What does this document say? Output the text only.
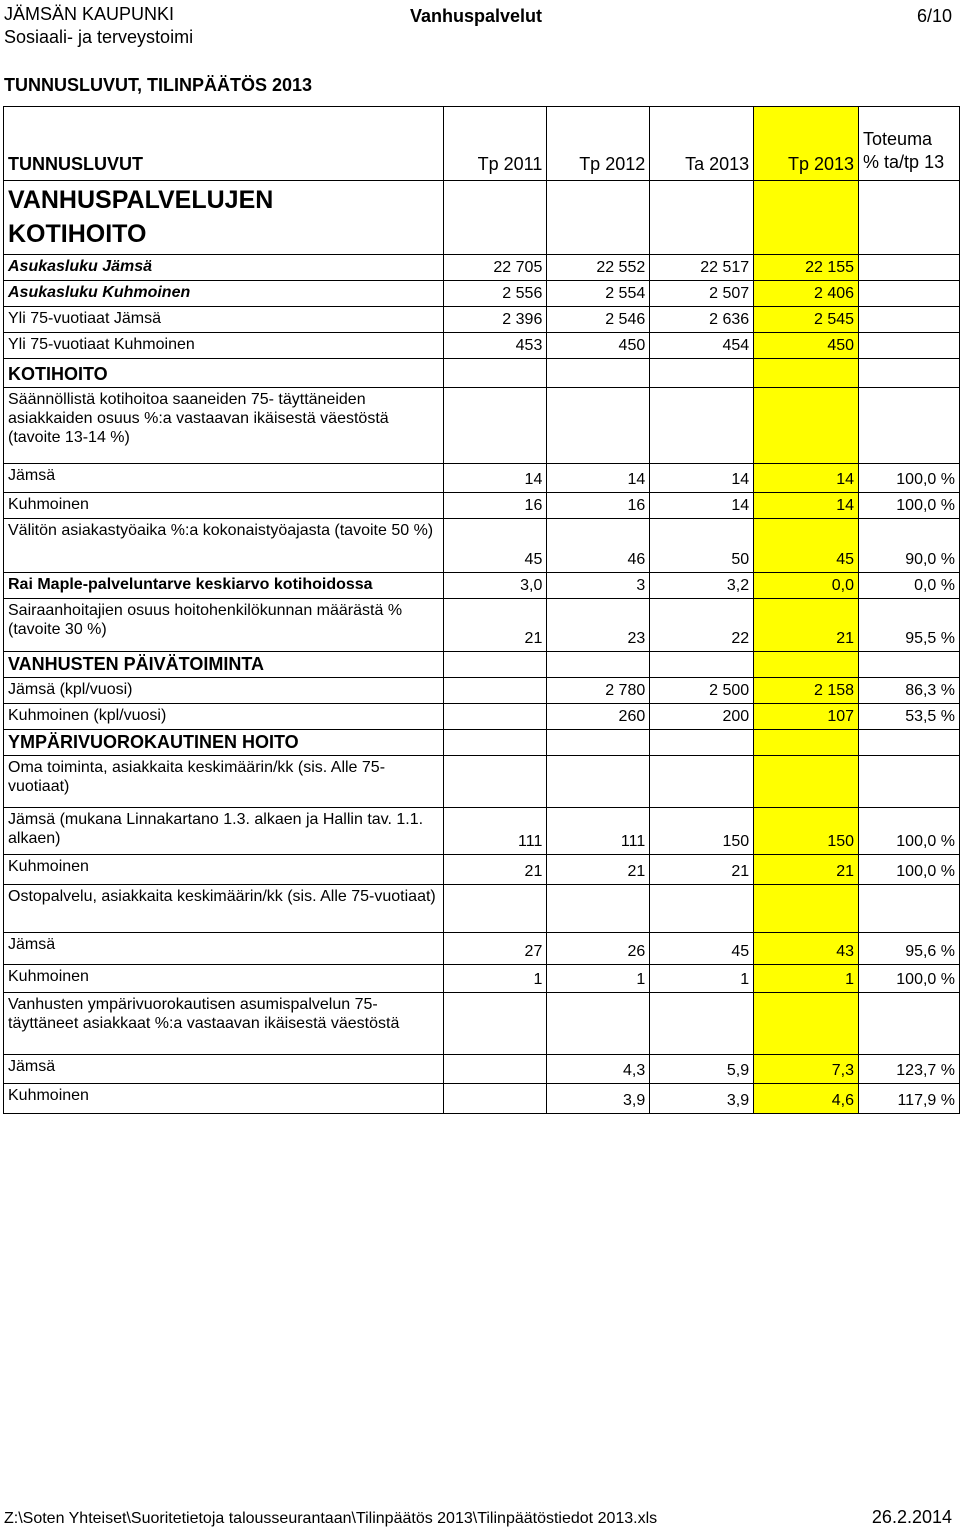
JÄMSÄN KAUPUNKI
Sosiaali- ja terveystoimi
Vanhuspalvelut	6/10
TUNNUSLUVUT, TILINPÄÄTÖS 2013
TUNNUSLUVUT	Tp 2011	Tp 2012	Ta 2013	Tp 2013	Toteuma
% ta/tp 13
VANHUSPALVELUJEN
KOTIHOITO					
Asukasluku Jämsä	22 705	22 552	22 517	22 155	
Asukasluku Kuhmoinen	2 556	2 554	2 507	2 406	
Yli 75-vuotiaat Jämsä	2 396	2 546	2 636	2 545	
Yli 75-vuotiaat Kuhmoinen	453	450	454	450	
KOTIHOITO					
Säännöllistä kotihoitoa saaneiden 75- täyttäneiden asiakkaiden osuus %:a vastaavan ikäisestä väestöstä (tavoite 13-14 %)					
Jämsä	14	14	14	14	100,0 %
Kuhmoinen	16	16	14	14	100,0 %
Välitön asiakastyöaika %:a kokonaistyöajasta (tavoite 50 %)	45	46	50	45	90,0 %
Rai Maple-palveluntarve keskiarvo kotihoidossa	3,0	3	3,2	0,0	0,0 %
Sairaanhoitajien osuus hoitohenkilökunnan määrästä % (tavoite 30 %)	21	23	22	21	95,5 %
VANHUSTEN PÄIVÄTOIMINTA					
Jämsä (kpl/vuosi)		2 780	2 500	2 158	86,3 %
Kuhmoinen (kpl/vuosi)		260	200	107	53,5 %
YMPÄRIVUOROKAUTINEN HOITO					
Oma toiminta, asiakkaita keskimäärin/kk (sis. Alle 75-vuotiaat)					
Jämsä (mukana Linnakartano 1.3. alkaen ja Hallin tav. 1.1. alkaen)	111	111	150	150	100,0 %
Kuhmoinen	21	21	21	21	100,0 %
Ostopalvelu, asiakkaita keskimäärin/kk (sis. Alle 75-vuotiaat)					
Jämsä	27	26	45	43	95,6 %
Kuhmoinen	1	1	1	1	100,0 %
Vanhusten ympärivuorokautisen asumispalvelun 75-täyttäneet asiakkaat %:a vastaavan ikäisestä väestöstä					
Jämsä		4,3	5,9	7,3	123,7 %
Kuhmoinen		3,9	3,9	4,6	117,9 %
Z:\Soten Yhteiset\Suoritetietoja talousseurantaan\Tilinpäätös 2013\Tilinpäätöstiedot 2013.xls	26.2.2014
